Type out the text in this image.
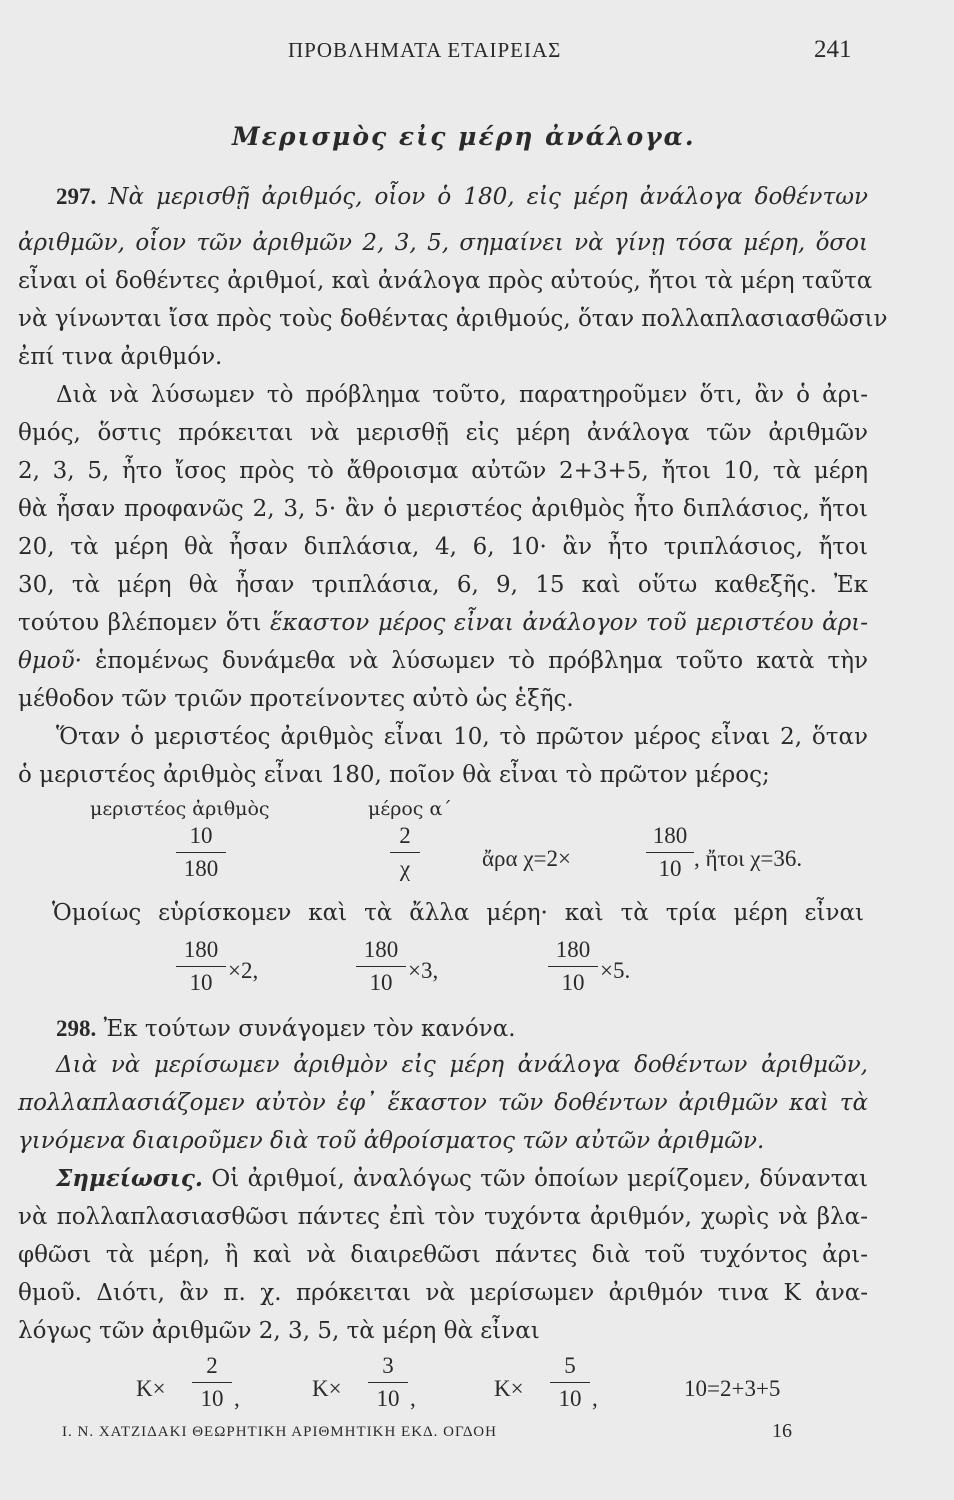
ΠΡΟΒΛΗΜΑΤΑ ΕΤΑΙΡΕΙΑΣ	241
Μερισμὸς εἰς μέρη ἀνάλογα.
297. Νὰ μερισθῇ ἀριθμός, οἷον ὁ 180, εἰς μέρη ἀνάλογα δοθέντων
ἀριθμῶν, οἷον τῶν ἀριθμῶν 2, 3, 5, σημαίνει νὰ γίνῃ τόσα μέρη, ὅσοι
εἶναι οἱ δοθέντες ἀριθμοί, καὶ ἀνάλογα πρὸς αὐτούς, ἤτοι τὰ μέρη ταῦτα
νὰ γίνωνται ἴσα πρὸς τοὺς δοθέντας ἀριθμούς, ὅταν πολλαπλασιασθῶσιν
ἐπί τινα ἀριθμόν.
Διὰ νὰ λύσωμεν τὸ πρόβλημα τοῦτο, παρατηροῦμεν ὅτι, ἂν ὁ ἀρι-
θμός, ὅστις πρόκειται νὰ μερισθῇ εἰς μέρη ἀνάλογα τῶν ἀριθμῶν
2, 3, 5, ἦτο ἴσος πρὸς τὸ ἄθροισμα αὐτῶν 2+3+5, ἤτοι 10, τὰ μέρη
θὰ ἦσαν προφανῶς 2, 3, 5· ἂν ὁ μεριστέος ἀριθμὸς ἦτο διπλάσιος, ἤτοι
20, τὰ μέρη θὰ ἦσαν διπλάσια, 4, 6, 10· ἂν ἦτο τριπλάσιος, ἤτοι
30, τὰ μέρη θὰ ἦσαν τριπλάσια, 6, 9, 15 καὶ οὕτω καθεξῆς. Ἐκ
τούτου βλέπομεν ὅτι ἕκαστον μέρος εἶναι ἀνάλογον τοῦ μεριστέου ἀρι-
θμοῦ· ἑπομένως δυνάμεθα νὰ λύσωμεν τὸ πρόβλημα τοῦτο κατὰ τὴν
μέθοδον τῶν τριῶν προτείνοντες αὐτὸ ὡς ἑξῆς.
Ὅταν ὁ μεριστέος ἀριθμὸς εἶναι 10, τὸ πρῶτον μέρος εἶναι 2, ὅταν
ὁ μεριστέος ἀριθμὸς εἶναι 180, ποῖον θὰ εἶναι τὸ πρῶτον μέρος;
μεριστέος ἀριθμὸς	μέρος α΄
10
180
2
χ	ἄρα χ=2×
180
10 , ἤτοι χ=36.
Ὁμοίως εὑρίσκομεν καὶ τὰ ἄλλα μέρη· καὶ τὰ τρία μέρη εἶναι
180
10 ×2,
180
10 ×3,
180
10 ×5.
298. Ἐκ τούτων συνάγομεν τὸν κανόνα.
Διὰ νὰ μερίσωμεν ἀριθμὸν εἰς μέρη ἀνάλογα δοθέντων ἀριθμῶν,
πολλαπλασιάζομεν αὐτὸν ἐφ᾿ ἕκαστον τῶν δοθέντων ἀριθμῶν καὶ τὰ
γινόμενα διαιροῦμεν διὰ τοῦ ἀθροίσματος τῶν αὐτῶν ἀριθμῶν.
Σημείωσις. Οἱ ἀριθμοί, ἀναλόγως τῶν ὁποίων μερίζομεν, δύνανται
νὰ πολλαπλασιασθῶσι πάντες ἐπὶ τὸν τυχόντα ἀριθμόν, χωρὶς νὰ βλα-
φθῶσι τὰ μέρη, ἢ καὶ νὰ διαιρεθῶσι πάντες διὰ τοῦ τυχόντος ἀρι-
θμοῦ. Διότι, ἂν π. χ. πρόκειται νὰ μερίσωμεν ἀριθμόν τινα Κ ἀνα-
λόγως τῶν ἀριθμῶν 2, 3, 5, τὰ μέρη θὰ εἶναι
Κ×
2
10 ,	Κ×
3
10 ,	Κ×
5
10 ,	10=2+3+5
Ι. Ν. ΧΑΤΖΙΔΑΚΙ ΘΕΩΡΗΤΙΚΗ ΑΡΙΘΜΗΤΙΚΗ ΕΚΔ. ΟΓΔΟΗ	16
